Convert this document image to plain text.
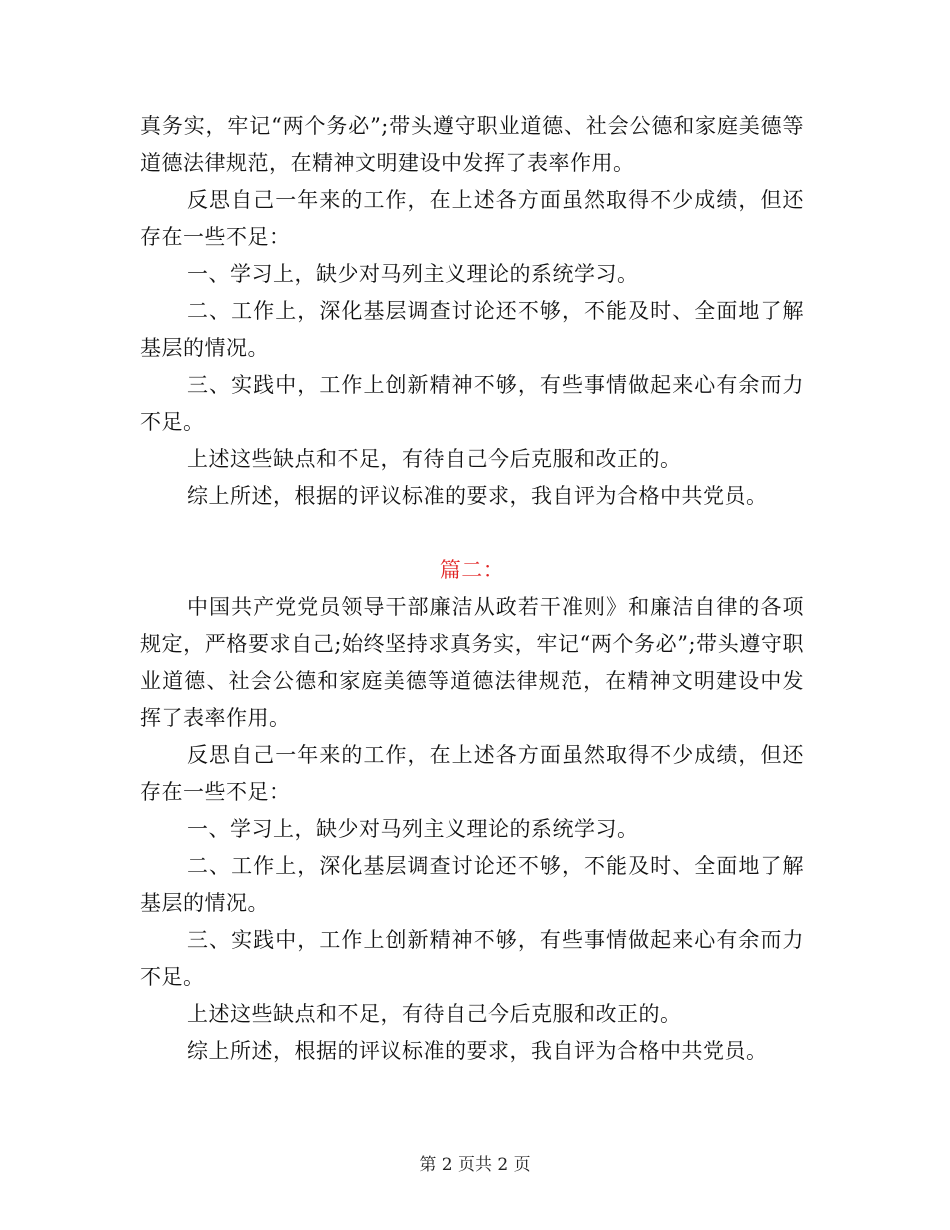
真务实，牢记“两个务必”;带头遵守职业道德、社会公德和家庭美德等道德法律规范，在精神文明建设中发挥了表率作用。

反思自己一年来的工作，在上述各方面虽然取得不少成绩，但还存在一些不足：

一、学习上，缺少对马列主义理论的系统学习。

二、工作上，深化基层调查讨论还不够，不能及时、全面地了解基层的情况。

三、实践中，工作上创新精神不够，有些事情做起来心有余而力不足。

上述这些缺点和不足，有待自己今后克服和改正的。

综上所述，根据的评议标准的要求，我自评为合格中共党员。

篇二：

中国共产党党员领导干部廉洁从政若干准则》和廉洁自律的各项规定，严格要求自己;始终坚持求真务实，牢记“两个务必”;带头遵守职业道德、社会公德和家庭美德等道德法律规范，在精神文明建设中发挥了表率作用。

反思自己一年来的工作，在上述各方面虽然取得不少成绩，但还存在一些不足：

一、学习上，缺少对马列主义理论的系统学习。

二、工作上，深化基层调查讨论还不够，不能及时、全面地了解基层的情况。

三、实践中，工作上创新精神不够，有些事情做起来心有余而力不足。

上述这些缺点和不足，有待自己今后克服和改正的。

综上所述，根据的评议标准的要求，我自评为合格中共党员。

第 2 页共 2 页
